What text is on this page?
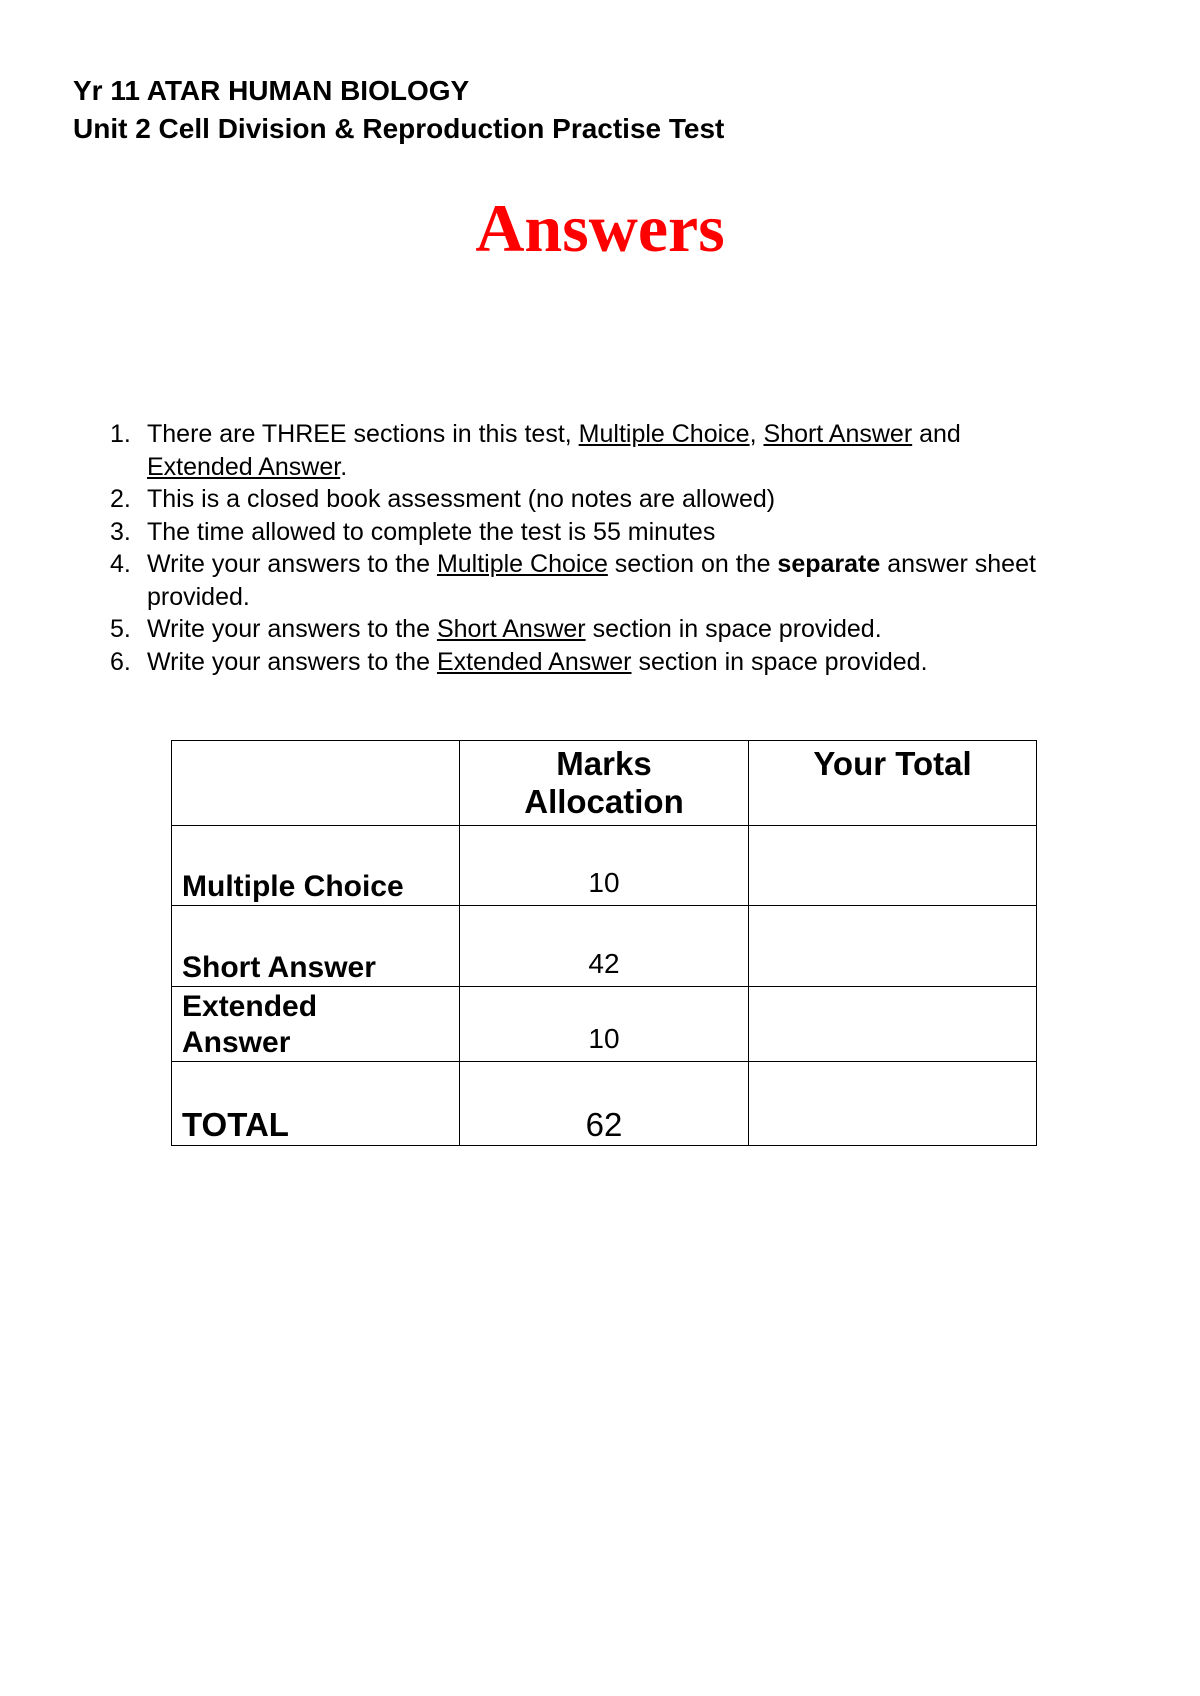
Yr 11 ATAR HUMAN BIOLOGY
Unit 2 Cell Division & Reproduction Practise Test
Answers
1. There are THREE sections in this test, Multiple Choice, Short Answer and
Extended Answer.
2. This is a closed book assessment (no notes are allowed)
3. The time allowed to complete the test is 55 minutes
4. Write your answers to the Multiple Choice section on the separate answer sheet provided.
5. Write your answers to the Short Answer section in space provided.
6. Write your answers to the Extended Answer section in space provided.

	Marks
Allocation	Your Total
Multiple Choice	10	
Short Answer	42	

Extended
Answer	10	
TOTAL	62	
